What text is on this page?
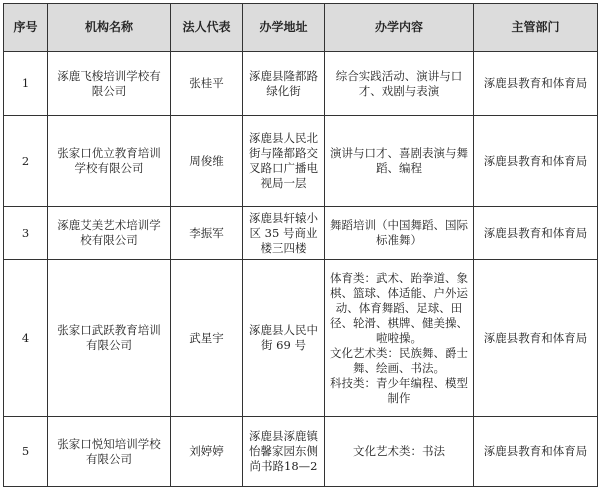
序号	机构名称	法人代表	办学地址	办学内容	主管部门
1	涿鹿飞梭培训学校有限公司	张桂平	涿鹿县隆都路绿化街	综合实践活动、演讲与口才、戏剧与表演	涿鹿县教育和体育局
2	张家口优立教育培训学校有限公司	周俊维	涿鹿县人民北街与隆都路交叉路口广播电视局一层	演讲与口才、喜剧表演与舞蹈、编程	涿鹿县教育和体育局
3	涿鹿艾美艺术培训学校有限公司	李振军	涿鹿县轩辕小区 35 号商业楼三四楼	舞蹈培训（中国舞蹈、国际标准舞）	涿鹿县教育和体育局
4	张家口武跃教育培训有限公司	武星宇	涿鹿县人民中街 69 号	体育类：武术、跆拳道、象棋、篮球、体适能、户外运动、体育舞蹈、足球、田径、轮滑、棋牌、健美操、啦啦操。
文化艺术类：民族舞、爵士舞、绘画、书法。
科技类：青少年编程、模型制作	涿鹿县教育和体育局
5	张家口悦知培训学校有限公司	刘婷婷	涿鹿县涿鹿镇怡馨家园东侧尚书路18—2	文化艺术类：书法	涿鹿县教育和体育局
